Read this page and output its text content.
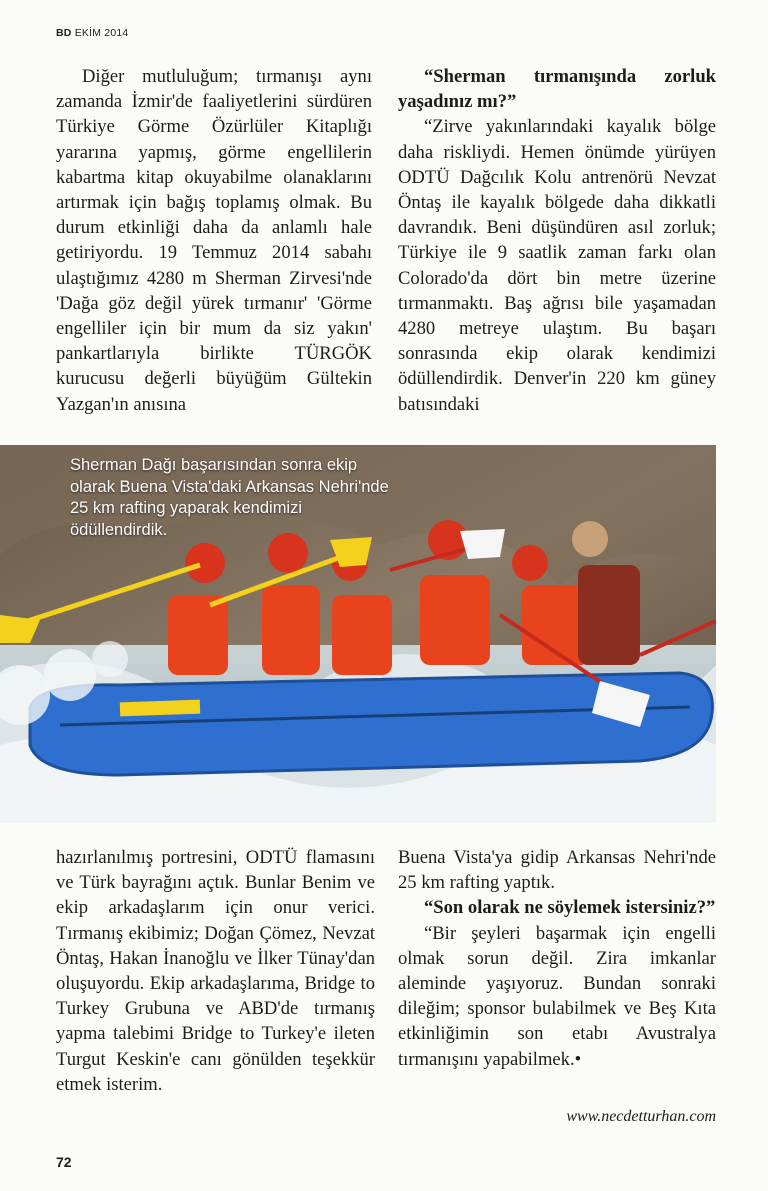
BD EKİM 2014

Diğer mutluluğum; tırmanışı aynı zamanda İzmir'de faaliyetlerini sürdüren Türkiye Görme Özürlüler Kitaplığı yararına yapmış, görme engellilerin kabartma kitap okuyabilme olanaklarını artırmak için bağış toplamış olmak. Bu durum etkinliği daha da anlamlı hale getiriyordu. 19 Temmuz 2014 sabahı ulaştığımız 4280 m Sherman Zirvesi'nde 'Dağa göz değil yürek tırmanır' 'Görme engelliler için bir mum da siz yakın' pankartlarıyla birlikte TÜRGÖK kurucusu değerli büyüğüm Gültekin Yazgan'ın anısına

“Sherman tırmanışında zorluk yaşadınız mı?”

“Zirve yakınlarındaki kayalık bölge daha riskliydi. Hemen önümde yürüyen ODTÜ Dağcılık Kolu antrenörü Nevzat Öntaş ile kayalık bölgede daha dikkatli davrandık. Beni düşündüren asıl zorluk; Türkiye ile 9 saatlik zaman farkı olan Colorado'da dört bin metre üzerine tırmanmaktı. Baş ağrısı bile yaşamadan 4280 metreye ulaştım. Bu başarı sonrasında ekip olarak kendimizi ödüllendirdik. Denver'in 220 km güney batısındaki

Sherman Dağı başarısından sonra ekip olarak Buena Vista'daki Arkansas Nehri'nde 25 km rafting yaparak kendimizi ödüllendirdik.

hazırlanılmış portresini, ODTÜ flamasını ve Türk bayrağını açtık. Bunlar Benim ve ekip arkadaşlarım için onur verici. Tırmanış ekibimiz; Doğan Çömez, Nevzat Öntaş, Hakan İnanoğlu ve İlker Tünay'dan oluşuyordu. Ekip arkadaşlarıma, Bridge to Turkey Grubuna ve ABD'de tırmanış yapma talebimi Bridge to Turkey'e ileten Turgut Keskin'e canı gönülden teşekkür etmek isterim.

Buena Vista'ya gidip Arkansas Nehri'nde 25 km rafting yaptık.

“Son olarak ne söylemek istersiniz?”

“Bir şeyleri başarmak için engelli olmak sorun değil. Zira imkanlar aleminde yaşıyoruz. Bundan sonraki dileğim; sponsor bulabilmek ve Beş Kıta etkinliğimin son etabı Avustralya tırmanışını yapabilmek.•

www.necdetturhan.com
72
